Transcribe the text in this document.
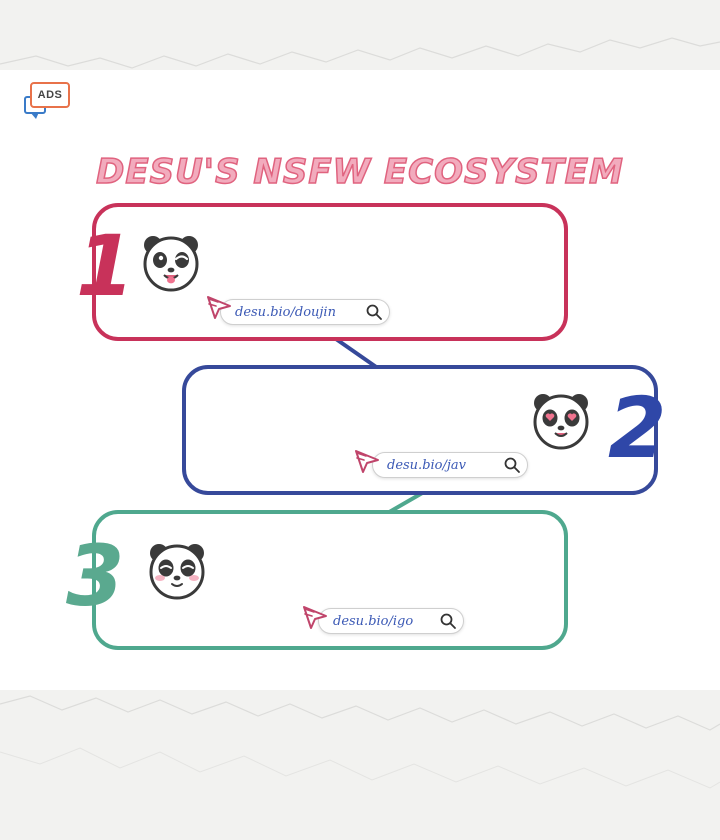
ADS
DESU'S NSFW ECOSYSTEM
1	desu.bio/doujin
2
desu.bio/jav
3	desu.bio/igo
